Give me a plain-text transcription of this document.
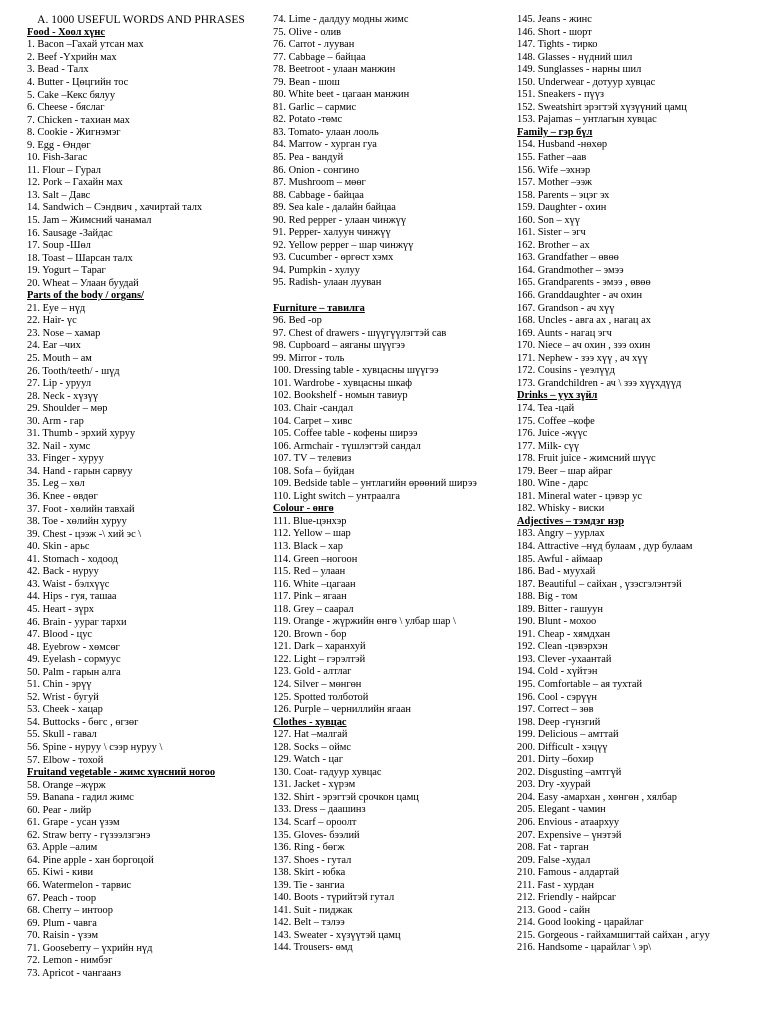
A. 1000 USEFUL WORDS AND PHRASES
Food - Хоол хүнс
1. Bacon –Гахай утсан мах
2. Beef -Үхрийн мах
3. Bead - Талх
4. Butter - Цөцгийн тос
5. Cake –Кекс бялуу
6. Cheese - бяслаг
7. Chicken - тахиан мах
8. Cookie - Жигнэмэг
9. Egg - Өндөг
10. Fish-Загас
11. Flour – Гурал
12. Pork – Гахайн мах
13. Salt – Давс
14. Sandwich – Сэндвич , хачиртай талх
15. Jam – Жимсний чанамал
16. Sausage -Зайдас
17. Soup -Шөл
18. Toast – Шарсан талх
19. Yogurt – Тараг
20. Wheat – Улаан буудай
Parts of the body / organs/
21. Eye – нүд
22. Hair- үс
23. Nose – хамар
24. Ear –чих
25. Mouth – ам
26. Tooth/teeth/ - шүд
27. Lip - уруул
28. Neck - хүзүү
29. Shoulder – мөр
30. Arm - гар
31. Thumb - эрхий хуруу
32. Nail - хумс
33. Finger - хуруу
34. Hand - гарын сарвуу
35. Leg – хөл
36. Knee - өвдөг
37. Foot - хөлийн тавхай
38. Toe - хөлийн хуруу
39. Chest - цээж -\ хий эс \
40. Skin - арьс
41. Stomach - ходоод
42. Back - нуруу
43. Waist - бэлхүүс
44. Hips - гуя, ташаа
45. Heart - зүрх
46. Brain - уураг тархи
47. Blood - цус
48. Eyebrow - хөмсөг
49. Eyelash - сормуус
50. Palm - гарын алга
51. Chin - эрүү
52. Wrist - бугуй
53. Cheek - хацар
54. Buttocks - бөгс , өгзөг
55. Skull - гавал
56. Spine - нуруу \ сээр нуруу \
57. Elbow - тохой
Fruitand vegetable - жимс хүнсний ногоо
58. Orange –жүрж
59. Banana - гадил жимс
60. Pear - лийр
61. Grape - усан үзэм
62. Straw berry - гүзээлзгэнэ
63. Apple –алим
64. Pine apple - хан боргоцой
65. Kiwi - киви
66. Watermelon - тарвис
67. Peach - тоор
68. Cherry – интоор
69. Plum - чавга
70. Raisin - үзэм
71. Gooseberry – үхрийн нүд
72. Lemon - нимбэг
73. Apricot - чангаанз
74. Lime - далдуу модны жимс
75. Olive - олив
76. Carrot - лууван
77. Cabbage – байцаа
78. Beetroot - улаан манжин
79. Bean - шош
80. White beet - цагаан манжин
81. Garlic – сармис
82. Potato -төмс
83. Tomato- улаан лооль
84. Marrow - хурган гуа
85. Pea - вандуй
86. Onion - сонгино
87. Mushroom – мөөг
88. Cabbage - байцаа
89. Sea kale - далайн байцаа
90. Red pepper - улаан чинжүү
91. Pepper- халуун чинжүү
92. Yellow pepper – шар чинжүү
93. Cucumber - өргөст хэмх
94. Pumpkin - хулуу
95. Radish- улаан лууван
Furniture – тавилга
96. Bed -ор
97. Chest of drawers - шүүгүүлэгтэй сав
98. Cupboard – аяганы шүүгээ
99. Mirror - толь
100. Dressing table - хувцасны шүүгээ
101. Wardrobe - хувцасны шкаф
102. Bookshelf - номын тавиур
103. Chair -сандал
104. Carpet – хивс
105. Coffee table - кофены ширээ
106. Armchair - түшлэгтэй сандал
107. TV – телевиз
108. Sofa – буйдан
109. Bedside table – унтлагийн өрөөний ширээ
110. Light switch – унтраалга
Colour - өнгө
111. Blue-цэнхэр
112. Yellow – шар
113. Black – хар
114. Green –ногоон
115. Red – улаан
116. White –цагаан
117. Pink – ягаан
118. Grey – саарал
119. Orange - жүржийн өнгө \ улбар шар \
120. Brown - бор
121. Dark – харанхуй
122. Light – гэрэлтэй
123. Gold - алтлаг
124. Silver – мөнгөн
125. Spotted толботой
126. Purple – черниллийн ягаан
Clothes - хувцас
127. Hat –малгай
128. Socks – оймс
129. Watch - цаг
130. Coat- гадуур хувцас
131. Jacket - хүрэм
132. Shirt - эрэгтэй срочкон цамц
133. Dress – даашинз
134. Scarf – ороолт
135. Gloves- бээлий
136. Ring - бөгж
137. Shoes - гутал
138. Skirt - юбка
139. Tie - зангиа
140. Boots - түрийтэй гутал
141. Suit - пиджак
142. Belt – тэлээ
143. Sweater - хүзүүтэй цамц
144. Trousers- өмд
145. Jeans - жинс
146. Short - шорт
147. Tights - тирко
148. Glasses - нүдний шил
149. Sunglasses - нарны шил
150. Underwear - дотуур хувцас
151. Sneakers - пүүз
152. Sweatshirt эрэгтэй хүзүүний цамц
153. Pajamas – унтлагын хувцас
Family – гэр бүл
154. Husband -нөхөр
155. Father –аав
156. Wife –эхнэр
157. Mother –ээж
158. Parents – эцэг эх
159. Daughter - охин
160. Son – хүү
161. Sister – эгч
162. Brother – ах
163. Grandfather – өвөө
164. Grandmother – эмээ
165. Grandparents - эмээ , өвөө
166. Granddaughter - ач охин
167. Grandson - ач хүү
168. Uncles - авга ах , нагац ах
169. Aunts - нагац эгч
170. Niece – ач охин , зээ охин
171. Nephew - зээ хүү , ач хүү
172. Cousins - үеэлүүд
173. Grandchildren - ач \ зээ хүүхдүүд
Drinks – уух зүйл
174. Tea -цай
175. Coffee –кофе
176. Juice -жүүс
177. Milk- сүү
178. Fruit juice - жимсний шүүс
179. Beer – шар айраг
180. Wine - дарс
181. Mineral water - цэвэр ус
182. Whisky - виски
Adjectives – тэмдэг нэр
183. Angry – уурлах
184. Attractive –нүд булаам , дур булаам
185. Awful - аймаар
186. Bad - муухай
187. Beautiful – сайхан , үзэсгэлэнтэй
188. Big - том
189. Bitter - гашуун
190. Blunt - мохоо
191. Cheap - хямдхан
192. Clean -цэвэрхэн
193. Clever -ухаантай
194. Cold - хүйтэн
195. Comfortable – ая тухтай
196. Cool - сэрүүн
197. Correct – зөв
198. Deep -гүнзгий
199. Delicious – амттай
200. Difficult - хэцүү
201. Dirty –бохир
202. Disgusting –амтгүй
203. Dry -хуурай
204. Easy -амархан , хөнгөн , хялбар
205. Elegant - чамин
206. Envious - атаархуу
207. Expensive – үнэтэй
208. Fat - тарган
209. False -худал
210. Famous - алдартай
211. Fast - хурдан
212. Friendly - найрсаг
213. Good - сайн
214. Good looking - царайлаг
215. Gorgeous - гайхамшигтай сайхан , агуу
216. Handsome - царайлаг \ эр\
